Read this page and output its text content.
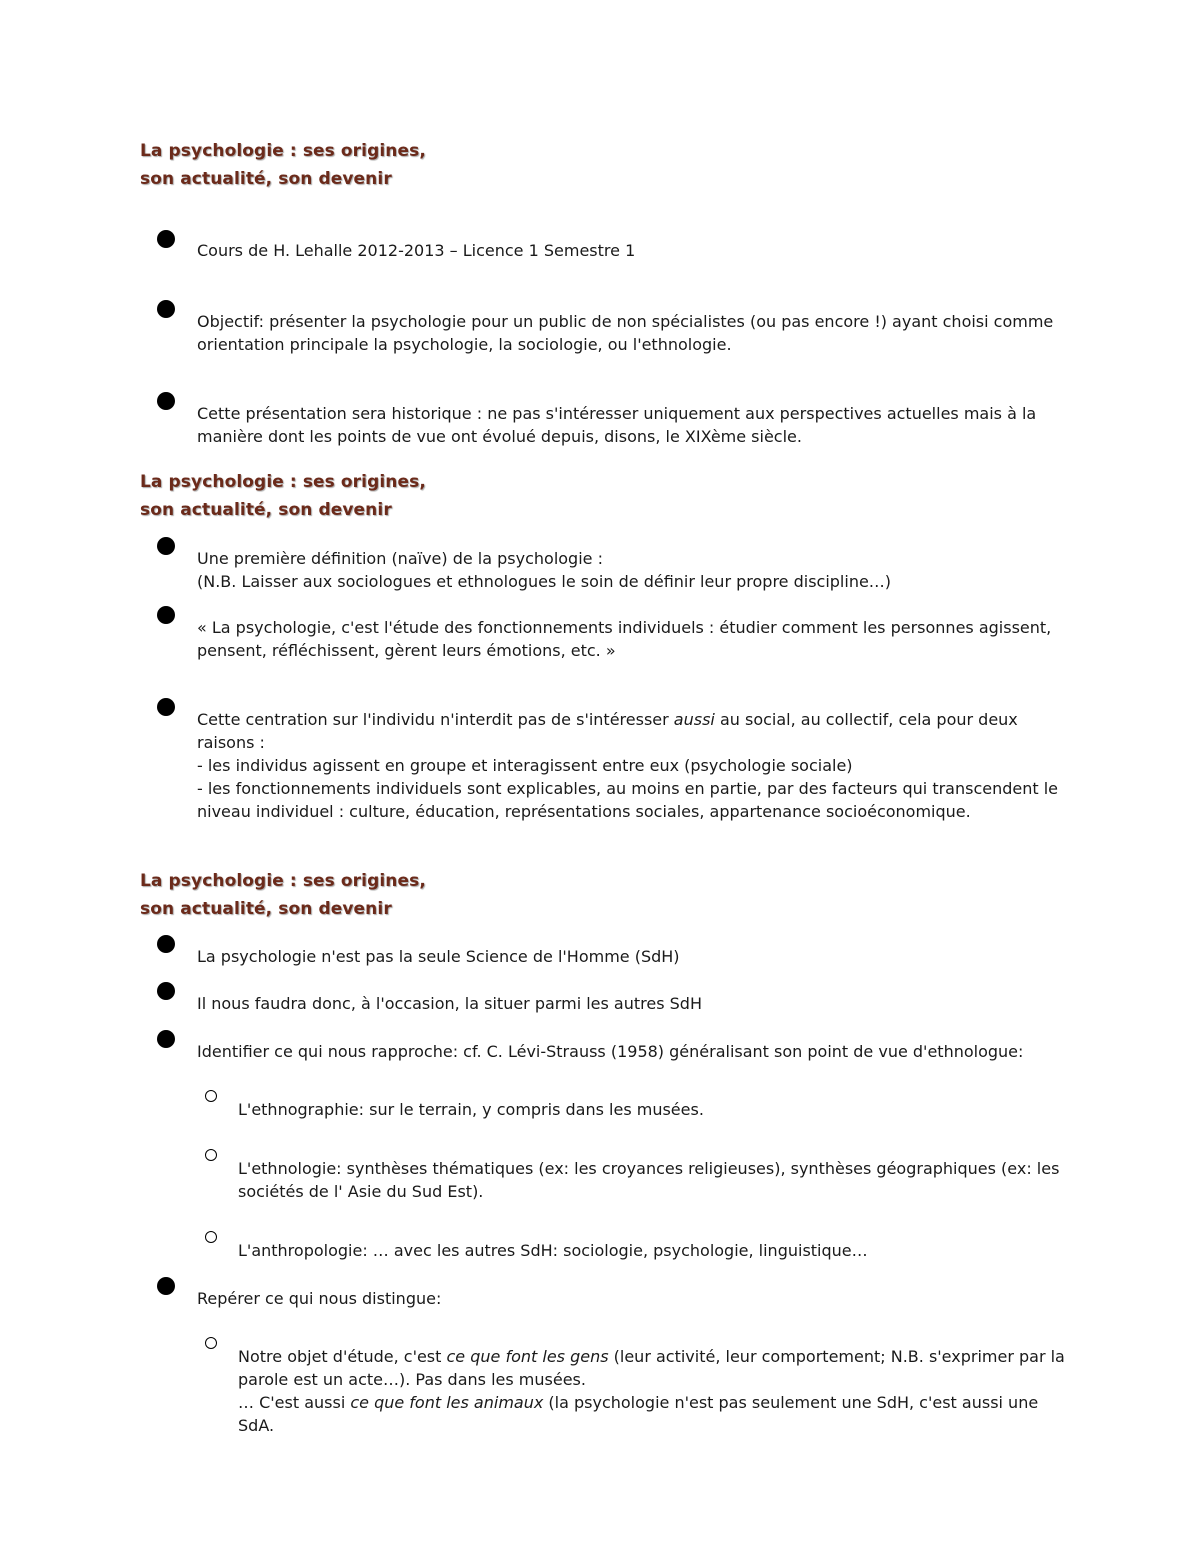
La psychologie : ses origines,
son actualité, son devenir
Cours de H. Lehalle 2012-2013 – Licence 1 Semestre 1
Objectif: présenter la psychologie pour un public de non spécialistes (ou pas encore !) ayant choisi comme
orientation principale la psychologie, la sociologie, ou l'ethnologie.
Cette présentation sera historique : ne pas s'intéresser uniquement aux perspectives actuelles mais à la
manière dont les points de vue ont évolué depuis, disons, le XIXème siècle.
La psychologie : ses origines,
son actualité, son devenir
Une première définition (naïve) de la psychologie :
(N.B. Laisser aux sociologues et ethnologues le soin de définir leur propre discipline…)
« La psychologie, c'est l'étude des fonctionnements individuels : étudier comment les personnes agissent,
pensent, réfléchissent, gèrent leurs émotions, etc. »
Cette centration sur l'individu n'interdit pas de s'intéresser aussi au social, au collectif, cela pour deux
raisons :
- les individus agissent en groupe et interagissent entre eux (psychologie sociale)
- les fonctionnements individuels sont explicables, au moins en partie, par des facteurs qui transcendent le
niveau individuel : culture, éducation, représentations sociales, appartenance socioéconomique.
La psychologie : ses origines,
son actualité, son devenir
La psychologie n'est pas la seule Science de l'Homme (SdH)
Il nous faudra donc, à l'occasion, la situer parmi les autres SdH
Identifier ce qui nous rapproche: cf. C. Lévi-Strauss (1958) généralisant son point de vue d'ethnologue:
L'ethnographie: sur le terrain, y compris dans les musées.
L'ethnologie: synthèses thématiques (ex: les croyances religieuses), synthèses géographiques (ex: les
sociétés de l' Asie du Sud Est).
L'anthropologie: … avec les autres SdH: sociologie, psychologie, linguistique…
Repérer ce qui nous distingue:
Notre objet d'étude, c'est ce que font les gens (leur activité, leur comportement; N.B. s'exprimer par la
parole est un acte…). Pas dans les musées.
… C'est aussi ce que font les animaux (la psychologie n'est pas seulement une SdH, c'est aussi une SdA.
